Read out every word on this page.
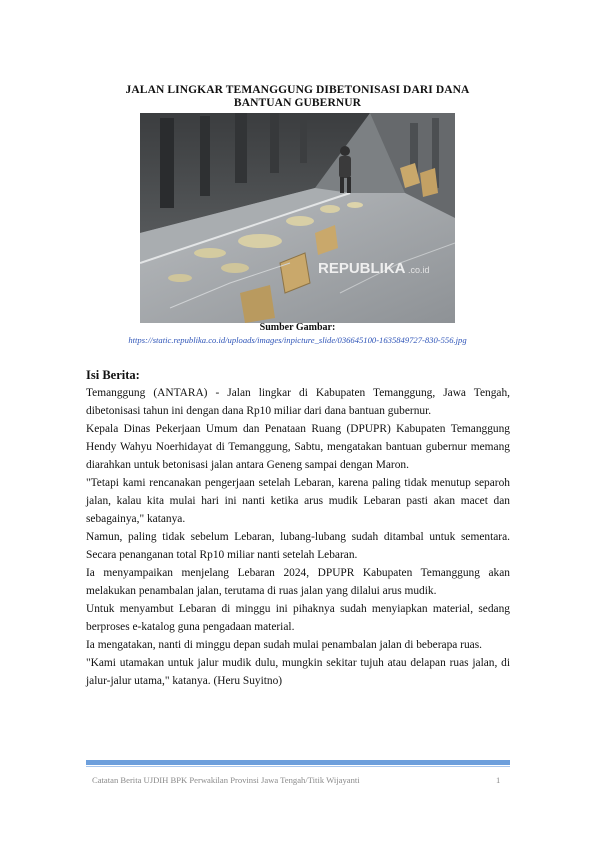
JALAN LINGKAR TEMANGGUNG DIBETONISASI DARI DANA
BANTUAN GUBERNUR
REPUBLIKA .co.id
Sumber Gambar:
https://static.republika.co.id/uploads/images/inpicture_slide/036645100-1635849727-830-556.jpg
Isi Berita:

Temanggung (ANTARA) - Jalan lingkar di Kabupaten Temanggung, Jawa Tengah, dibetonisasi tahun ini dengan dana Rp10 miliar dari dana bantuan gubernur.

Kepala Dinas Pekerjaan Umum dan Penataan Ruang (DPUPR) Kabupaten Temanggung Hendy Wahyu Noerhidayat di Temanggung, Sabtu, mengatakan bantuan gubernur memang diarahkan untuk betonisasi jalan antara Geneng sampai dengan Maron.

"Tetapi kami rencanakan pengerjaan setelah Lebaran, karena paling tidak menutup separoh jalan, kalau kita mulai hari ini nanti ketika arus mudik Lebaran pasti akan macet dan sebagainya," katanya.

Namun, paling tidak sebelum Lebaran, lubang-lubang sudah ditambal untuk sementara. Secara penanganan total Rp10 miliar nanti setelah Lebaran.

Ia menyampaikan menjelang Lebaran 2024, DPUPR Kabupaten Temanggung akan melakukan penambalan jalan, terutama di ruas jalan yang dilalui arus mudik.

Untuk menyambut Lebaran di minggu ini pihaknya sudah menyiapkan material, sedang berproses e-katalog guna pengadaan material.

Ia mengatakan, nanti di minggu depan sudah mulai penambalan jalan di beberapa ruas.

"Kami utamakan untuk jalur mudik dulu, mungkin sekitar tujuh atau delapan ruas jalan, di jalur-jalur utama," katanya. (Heru Suyitno)

Catatan Berita UJDIH BPK Perwakilan Provinsi Jawa Tengah/Titik Wijayanti	1
